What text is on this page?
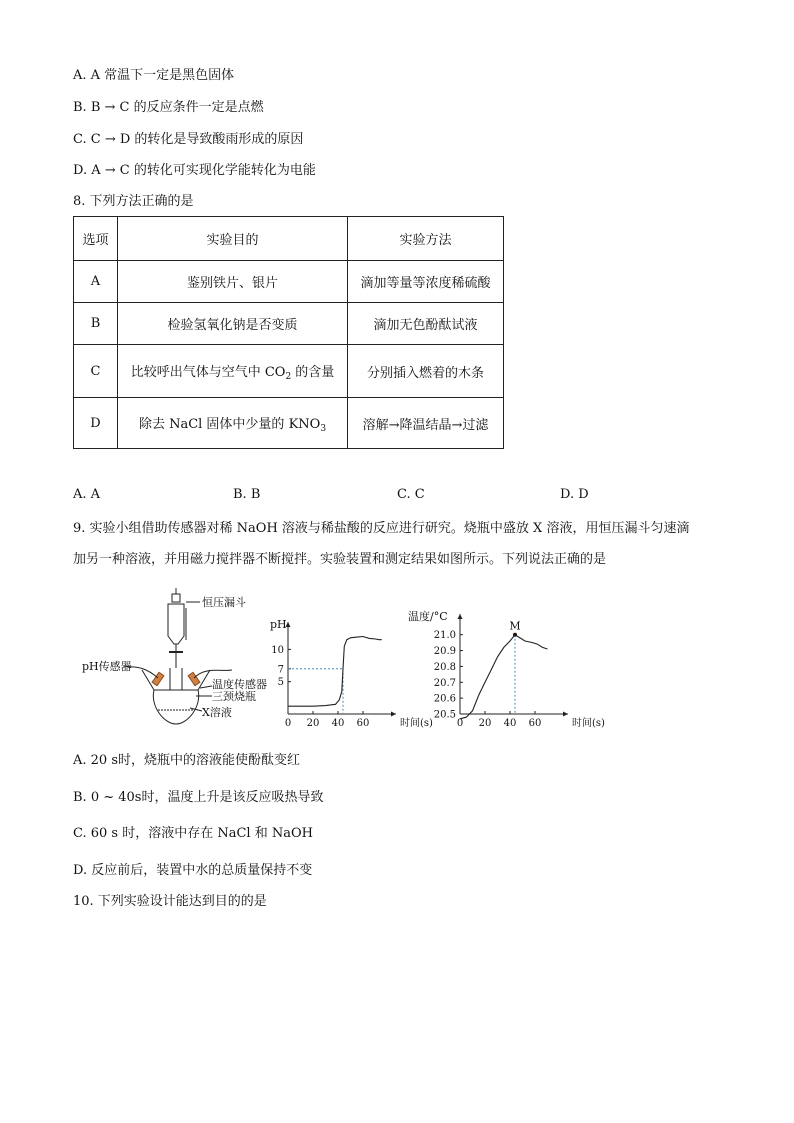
A. A 常温下一定是黑色固体
B. B → C 的反应条件一定是点燃
C. C → D 的转化是导致酸雨形成的原因
D. A → C 的转化可实现化学能转化为电能
8. 下列方法正确的是
选项	实验目的	实验方法
A	鉴别铁片、银片	滴加等量等浓度稀硫酸
B	检验氢氧化钠是否变质	滴加无色酚酞试液
C	比较呼出气体与空气中 $CO_2$ 的含量	分别插入燃着的木条
D	除去 NaCl 固体中少量的 $KNO_3$	溶解→降温结晶→过滤
A. A	B. B	C. C	D. D
9. 实验小组借助传感器对稀 NaOH 溶液与稀盐酸的反应进行研究。烧瓶中盛放 X 溶液，用恒压漏斗匀速滴
加另一种溶液，并用磁力搅拌器不断搅拌。实验装置和测定结果如图所示。下列说法正确的是
恒压漏斗
pH传感器
温度传感器
三颈烧瓶
X溶液
0 20 40 60
5
7
10
pH
时间(s) 0 20 40 60
20.5
20.6
20.7
20.8
20.9
21.0
温度/°C
时间(s)
M
A. 20 s时，烧瓶中的溶液能使酚酞变红
B. 0 ~ 40s时，温度上升是该反应吸热导致
C. 60 s 时，溶液中存在 NaCl 和 NaOH
D. 反应前后，装置中水的总质量保持不变
10. 下列实验设计能达到目的的是
